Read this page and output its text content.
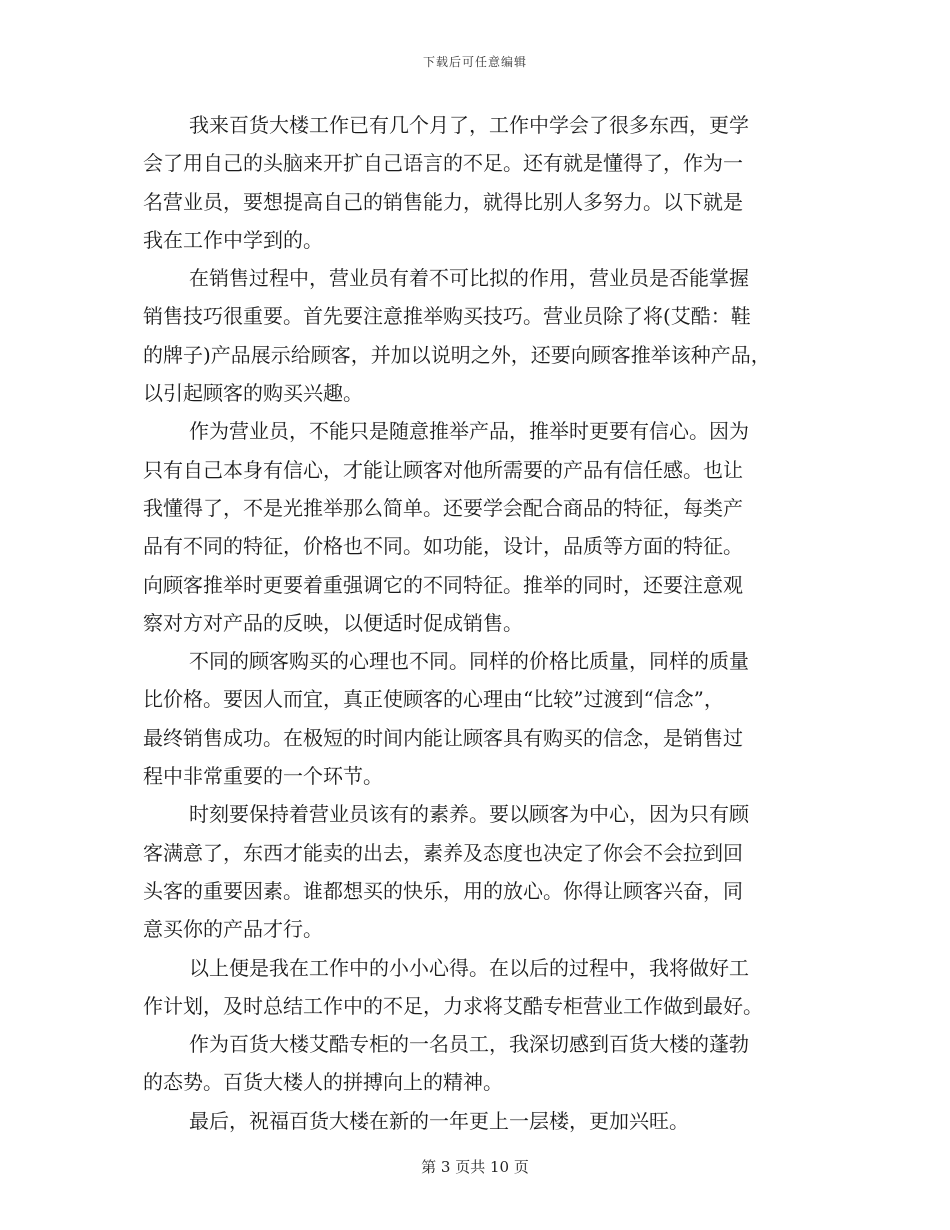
下载后可任意编辑
我来百货大楼工作已有几个月了，工作中学会了很多东西，更学
会了用自己的头脑来开扩自己语言的不足。还有就是懂得了，作为一
名营业员，要想提高自己的销售能力，就得比别人多努力。以下就是
我在工作中学到的。
在销售过程中，营业员有着不可比拟的作用，营业员是否能掌握
销售技巧很重要。首先要注意推举购买技巧。营业员除了将(艾酷：鞋
的牌子)产品展示给顾客，并加以说明之外，还要向顾客推举该种产品，
以引起顾客的购买兴趣。
作为营业员，不能只是随意推举产品，推举时更要有信心。因为
只有自己本身有信心，才能让顾客对他所需要的产品有信任感。也让
我懂得了，不是光推举那么简单。还要学会配合商品的特征，每类产
品有不同的特征，价格也不同。如功能，设计，品质等方面的特征。
向顾客推举时更要着重强调它的不同特征。推举的同时，还要注意观
察对方对产品的反映，以便适时促成销售。
不同的顾客购买的心理也不同。同样的价格比质量，同样的质量
比价格。要因人而宜，真正使顾客的心理由“比较”过渡到“信念”，
最终销售成功。在极短的时间内能让顾客具有购买的信念，是销售过
程中非常重要的一个环节。
时刻要保持着营业员该有的素养。要以顾客为中心，因为只有顾
客满意了，东西才能卖的出去，素养及态度也决定了你会不会拉到回
头客的重要因素。谁都想买的快乐，用的放心。你得让顾客兴奋，同
意买你的产品才行。
以上便是我在工作中的小小心得。在以后的过程中，我将做好工
作计划，及时总结工作中的不足，力求将艾酷专柜营业工作做到最好。
作为百货大楼艾酷专柜的一名员工，我深切感到百货大楼的蓬勃
的态势。百货大楼人的拼搏向上的精神。
最后，祝福百货大楼在新的一年更上一层楼，更加兴旺。
第 3 页共 10 页
